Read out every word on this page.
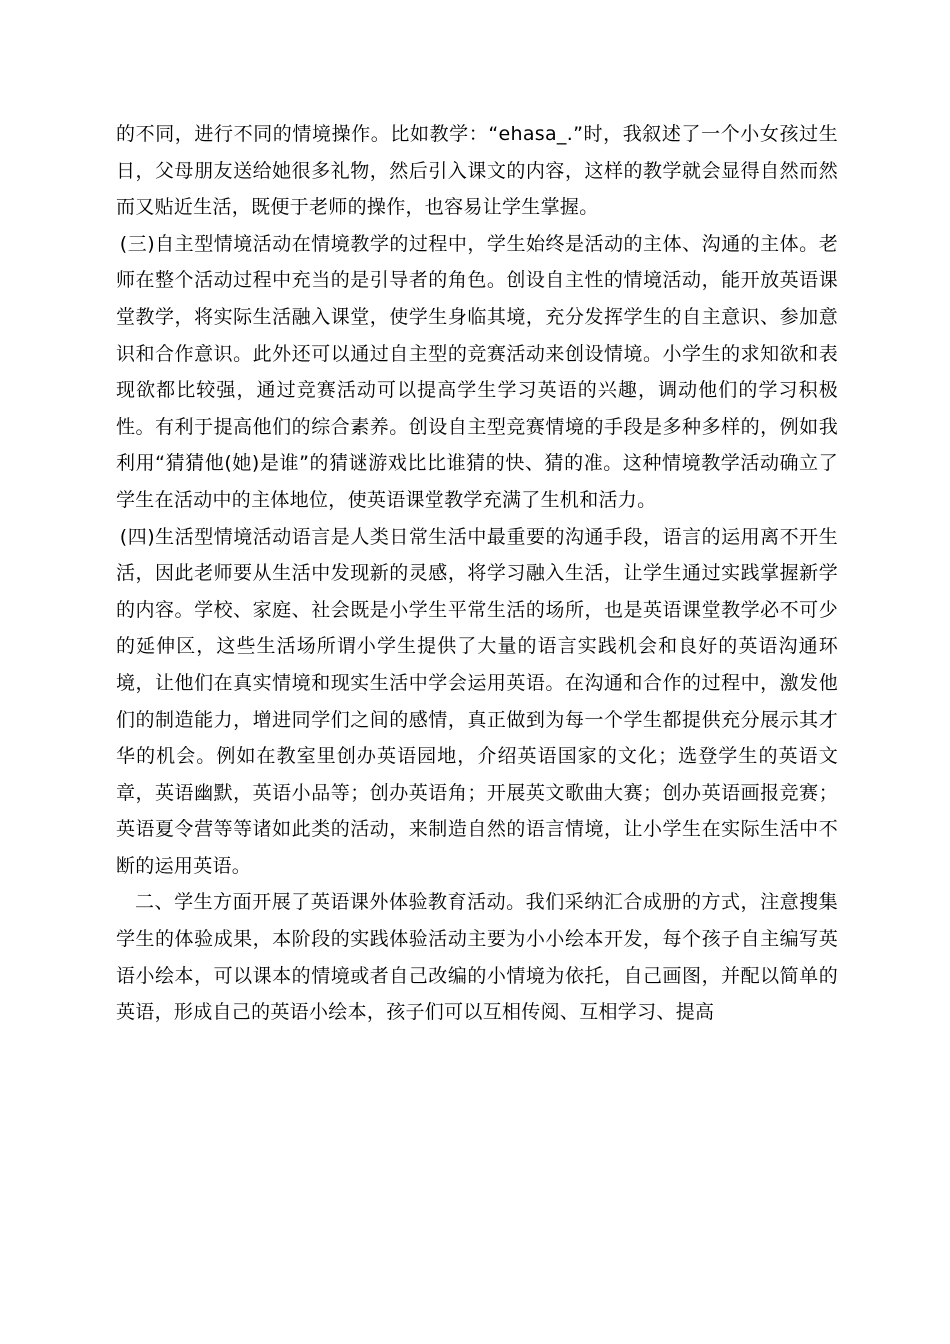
的不同，进行不同的情境操作。比如教学：“ehasa_.”时，我叙述了一个小女孩过生日，父母朋友送给她很多礼物，然后引入课文的内容，这样的教学就会显得自然而然而又贴近生活，既便于老师的操作，也容易让学生掌握。

(三)自主型情境活动在情境教学的过程中，学生始终是活动的主体、沟通的主体。老师在整个活动过程中充当的是引导者的角色。创设自主性的情境活动，能开放英语课堂教学，将实际生活融入课堂，使学生身临其境，充分发挥学生的自主意识、参加意识和合作意识。此外还可以通过自主型的竞赛活动来创设情境。小学生的求知欲和表现欲都比较强，通过竞赛活动可以提高学生学习英语的兴趣，调动他们的学习积极性。有利于提高他们的综合素养。创设自主型竞赛情境的手段是多种多样的，例如我利用“猜猜他(她)是谁”的猜谜游戏比比谁猜的快、猜的准。这种情境教学活动确立了学生在活动中的主体地位，使英语课堂教学充满了生机和活力。

(四)生活型情境活动语言是人类日常生活中最重要的沟通手段，语言的运用离不开生活，因此老师要从生活中发现新的灵感，将学习融入生活，让学生通过实践掌握新学的内容。学校、家庭、社会既是小学生平常生活的场所，也是英语课堂教学必不可少的延伸区，这些生活场所谓小学生提供了大量的语言实践机会和良好的英语沟通环境，让他们在真实情境和现实生活中学会运用英语。在沟通和合作的过程中，激发他们的制造能力，增进同学们之间的感情，真正做到为每一个学生都提供充分展示其才华的机会。例如在教室里创办英语园地，介绍英语国家的文化；选登学生的英语文章，英语幽默，英语小品等；创办英语角；开展英文歌曲大赛；创办英语画报竞赛；英语夏令营等等诸如此类的活动，来制造自然的语言情境，让小学生在实际生活中不断的运用英语。

二、学生方面开展了英语课外体验教育活动。我们采纳汇合成册的方式，注意搜集学生的体验成果，本阶段的实践体验活动主要为小小绘本开发，每个孩子自主编写英语小绘本，可以课本的情境或者自己改编的小情境为依托，自己画图，并配以简单的英语，形成自己的英语小绘本，孩子们可以互相传阅、互相学习、提高
